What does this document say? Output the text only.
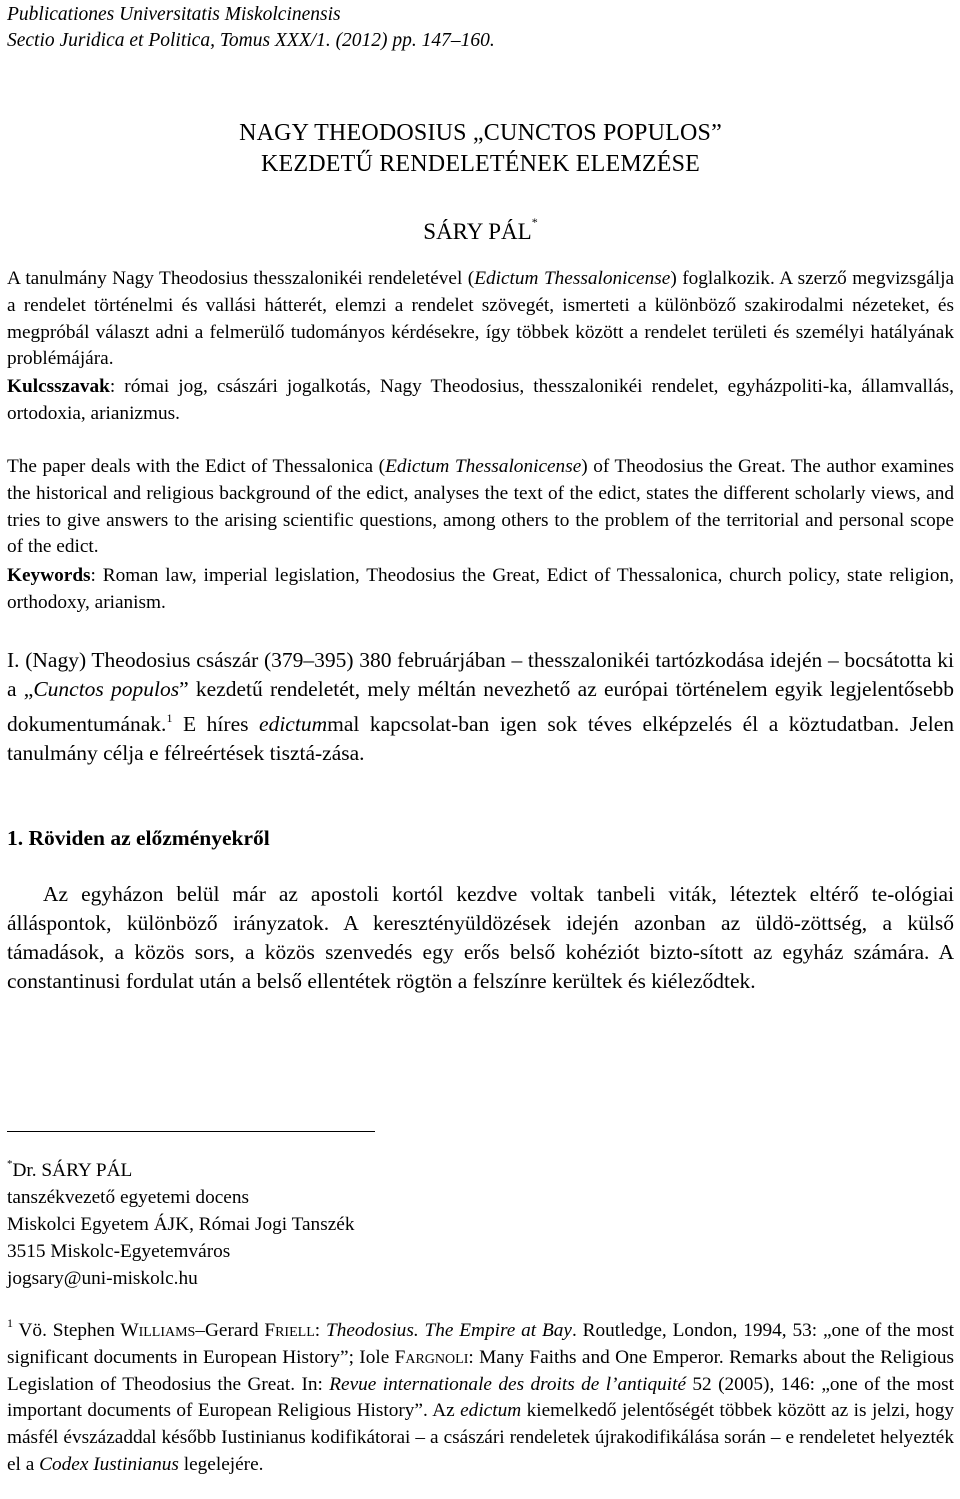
Publicationes Universitatis Miskolcinensis
Sectio Juridica et Politica, Tomus XXX/1. (2012) pp. 147–160.
NAGY THEODOSIUS „CUNCTOS POPULOS”
KEZDETŰ RENDELETÉNEK ELEMZÉSE
SÁRY PÁL*
A tanulmány Nagy Theodosius thesszalonikéi rendeletével (Edictum Thessalonicense) foglalkozik. A szerző megvizsgálja a rendelet történelmi és vallási hátterét, elemzi a rendelet szövegét, ismerteti a különböző szakirodalmi nézeteket, és megpróbál választ adni a felmerülő tudományos kérdésekre, így többek között a rendelet területi és személyi hatályának problémájára.
Kulcsszavak: római jog, császári jogalkotás, Nagy Theodosius, thesszalonikéi rendelet, egyházpoliti-ka, államvallás, ortodoxia, arianizmus.
The paper deals with the Edict of Thessalonica (Edictum Thessalonicense) of Theodosius the Great. The author examines the historical and religious background of the edict, analyses the text of the edict, states the different scholarly views, and tries to give answers to the arising scientific questions, among others to the problem of the territorial and personal scope of the edict.
Keywords: Roman law, imperial legislation, Theodosius the Great, Edict of Thessalonica, church policy, state religion, orthodoxy, arianism.
I. (Nagy) Theodosius császár (379–395) 380 februárjában – thesszalonikéi tartózkodása idején – bocsátotta ki a „Cunctos populos” kezdetű rendeletét, mely méltán nevezhető az európai történelem egyik legjelentősebb dokumentumának.$^1$ E híres edictummal kapcsolat-ban igen sok téves elképzelés él a köztudatban. Jelen tanulmány célja e félreértések tisztá-zása.
1. Röviden az előzményekről
Az egyházon belül már az apostoli kortól kezdve voltak tanbeli viták, léteztek eltérő te-ológiai álláspontok, különböző irányzatok. A keresztényüldözések idején azonban az üldö-zöttség, a külső támadások, a közös sors, a közös szenvedés egy erős belső kohéziót bizto-sított az egyház számára. A constantinusi fordulat után a belső ellentétek rögtön a felszínre kerültek és kiéleződtek.
*Dr. SÁRY PÁL
tanszékvezető egyetemi docens
Miskolci Egyetem ÁJK, Római Jogi Tanszék
3515 Miskolc-Egyetemváros
jogsary@uni-miskolc.hu
$^1$ Vö. Stephen Williams–Gerard Friell: Theodosius. The Empire at Bay. Routledge, London, 1994, 53: „one of the most significant documents in European History”; Iole Fargnoli: Many Faiths and One Emperor. Remarks about the Religious Legislation of Theodosius the Great. In: Revue internationale des droits de l’antiquité 52 (2005), 146: „one of the most important documents of European Religious History”. Az edictum kiemelkedő jelentőségét többek között az is jelzi, hogy másfél évszázaddal később Iustinianus kodifikátorai – a császári rendeletek újrakodifikálása során – e rendeletet helyezték el a Codex Iustinianus legelejére.
